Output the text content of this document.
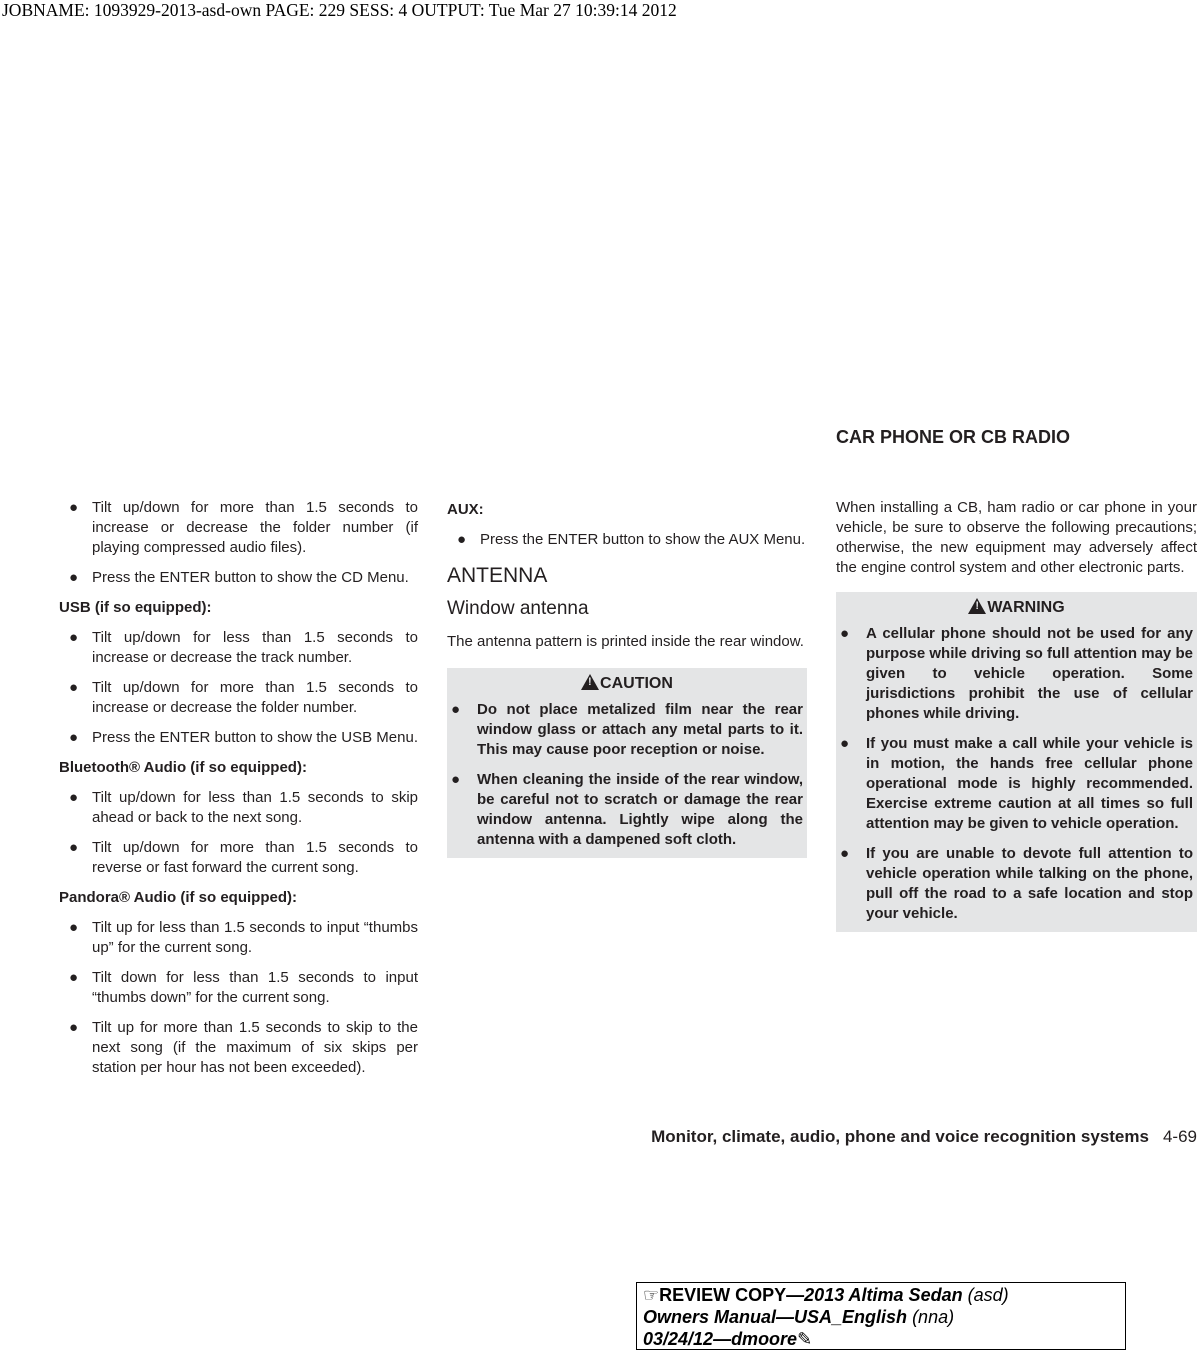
JOBNAME: 1093929-2013-asd-own PAGE: 229 SESS: 4 OUTPUT: Tue Mar 27 10:39:14 2012
CAR PHONE OR CB RADIO
● Tilt up/down for more than 1.5 seconds to increase or decrease the folder number (if playing compressed audio files).
● Press the ENTER button to show the CD Menu.
USB (if so equipped):
● Tilt up/down for less than 1.5 seconds to increase or decrease the track number.
● Tilt up/down for more than 1.5 seconds to increase or decrease the folder number.
● Press the ENTER button to show the USB Menu.
Bluetooth® Audio (if so equipped):
● Tilt up/down for less than 1.5 seconds to skip ahead or back to the next song.
● Tilt up/down for more than 1.5 seconds to reverse or fast forward the current song.
Pandora® Audio (if so equipped):
● Tilt up for less than 1.5 seconds to input “thumbs up” for the current song.
● Tilt down for less than 1.5 seconds to input “thumbs down” for the current song.
● Tilt up for more than 1.5 seconds to skip to the next song (if the maximum of six skips per station per hour has not been exceeded).
AUX:
● Press the ENTER button to show the AUX Menu.
ANTENNA
Window antenna

The antenna pattern is printed inside the rear window.

!CAUTION
● Do not place metalized film near the rear window glass or attach any metal parts to it. This may cause poor reception or noise.
● When cleaning the inside of the rear window, be careful not to scratch or damage the rear window antenna. Lightly wipe along the antenna with a dampened soft cloth.

When installing a CB, ham radio or car phone in your vehicle, be sure to observe the following precautions; otherwise, the new equipment may adversely affect the engine control system and other electronic parts.

!WARNING
● A cellular phone should not be used for any purpose while driving so full attention may be given to vehicle operation. Some jurisdictions prohibit the use of cellular phones while driving.
● If you must make a call while your vehicle is in motion, the hands free cellular phone operational mode is highly recommended. Exercise extreme caution at all times so full attention may be given to vehicle operation.
● If you are unable to devote full attention to vehicle operation while talking on the phone, pull off the road to a safe location and stop your vehicle.
Monitor, climate, audio, phone and voice recognition systems 4-69
☞REVIEW COPY—2013 Altima Sedan (asd)
Owners Manual—USA_English (nna)
03/24/12—dmoore✎
